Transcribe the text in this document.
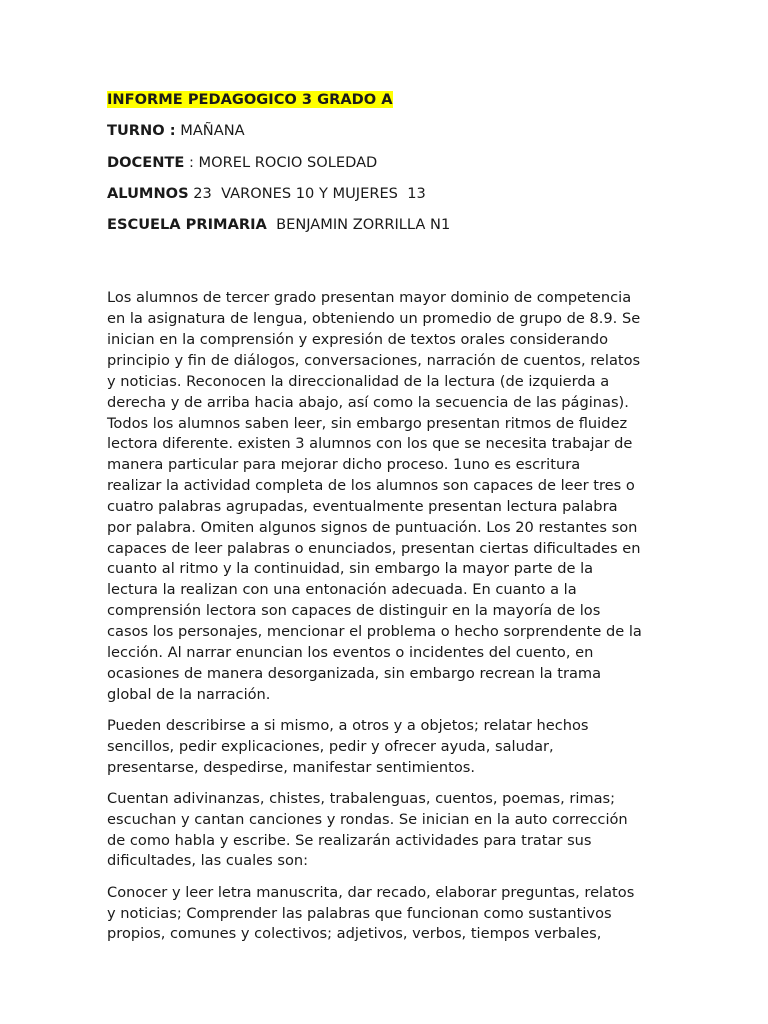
INFORME PEDAGOGICO 3 GRADO A
TURNO : MAÑANA
DOCENTE : MOREL ROCIO SOLEDAD
ALUMNOS 23  VARONES 10 Y MUJERES  13
ESCUELA PRIMARIA  BENJAMIN ZORRILLA N1

Los alumnos de tercer grado presentan mayor dominio de competencia
en la asignatura de lengua, obteniendo un promedio de grupo de 8.9. Se
inician en la comprensión y expresión de textos orales considerando
principio y fin de diálogos, conversaciones, narración de cuentos, relatos
y noticias. Reconocen la direccionalidad de la lectura (de izquierda a
derecha y de arriba hacia abajo, así como la secuencia de las páginas).
Todos los alumnos saben leer, sin embargo presentan ritmos de fluidez
lectora diferente. existen 3 alumnos con los que se necesita trabajar de
manera particular para mejorar dicho proceso. 1uno es escritura
realizar la actividad completa de los alumnos son capaces de leer tres o
cuatro palabras agrupadas, eventualmente presentan lectura palabra
por palabra. Omiten algunos signos de puntuación. Los 20 restantes son
capaces de leer palabras o enunciados, presentan ciertas dificultades en
cuanto al ritmo y la continuidad, sin embargo la mayor parte de la
lectura la realizan con una entonación adecuada. En cuanto a la
comprensión lectora son capaces de distinguir en la mayoría de los
casos los personajes, mencionar el problema o hecho sorprendente de la
lección. Al narrar enuncian los eventos o incidentes del cuento, en
ocasiones de manera desorganizada, sin embargo recrean la trama
global de la narración.

Pueden describirse a si mismo, a otros y a objetos; relatar hechos
sencillos, pedir explicaciones, pedir y ofrecer ayuda, saludar,
presentarse, despedirse, manifestar sentimientos.

Cuentan adivinanzas, chistes, trabalenguas, cuentos, poemas, rimas;
escuchan y cantan canciones y rondas. Se inician en la auto corrección
de como habla y escribe. Se realizarán actividades para tratar sus
dificultades, las cuales son:

Conocer y leer letra manuscrita, dar recado, elaborar preguntas, relatos
y noticias; Comprender las palabras que funcionan como sustantivos
propios, comunes y colectivos; adjetivos, verbos, tiempos verbales,
